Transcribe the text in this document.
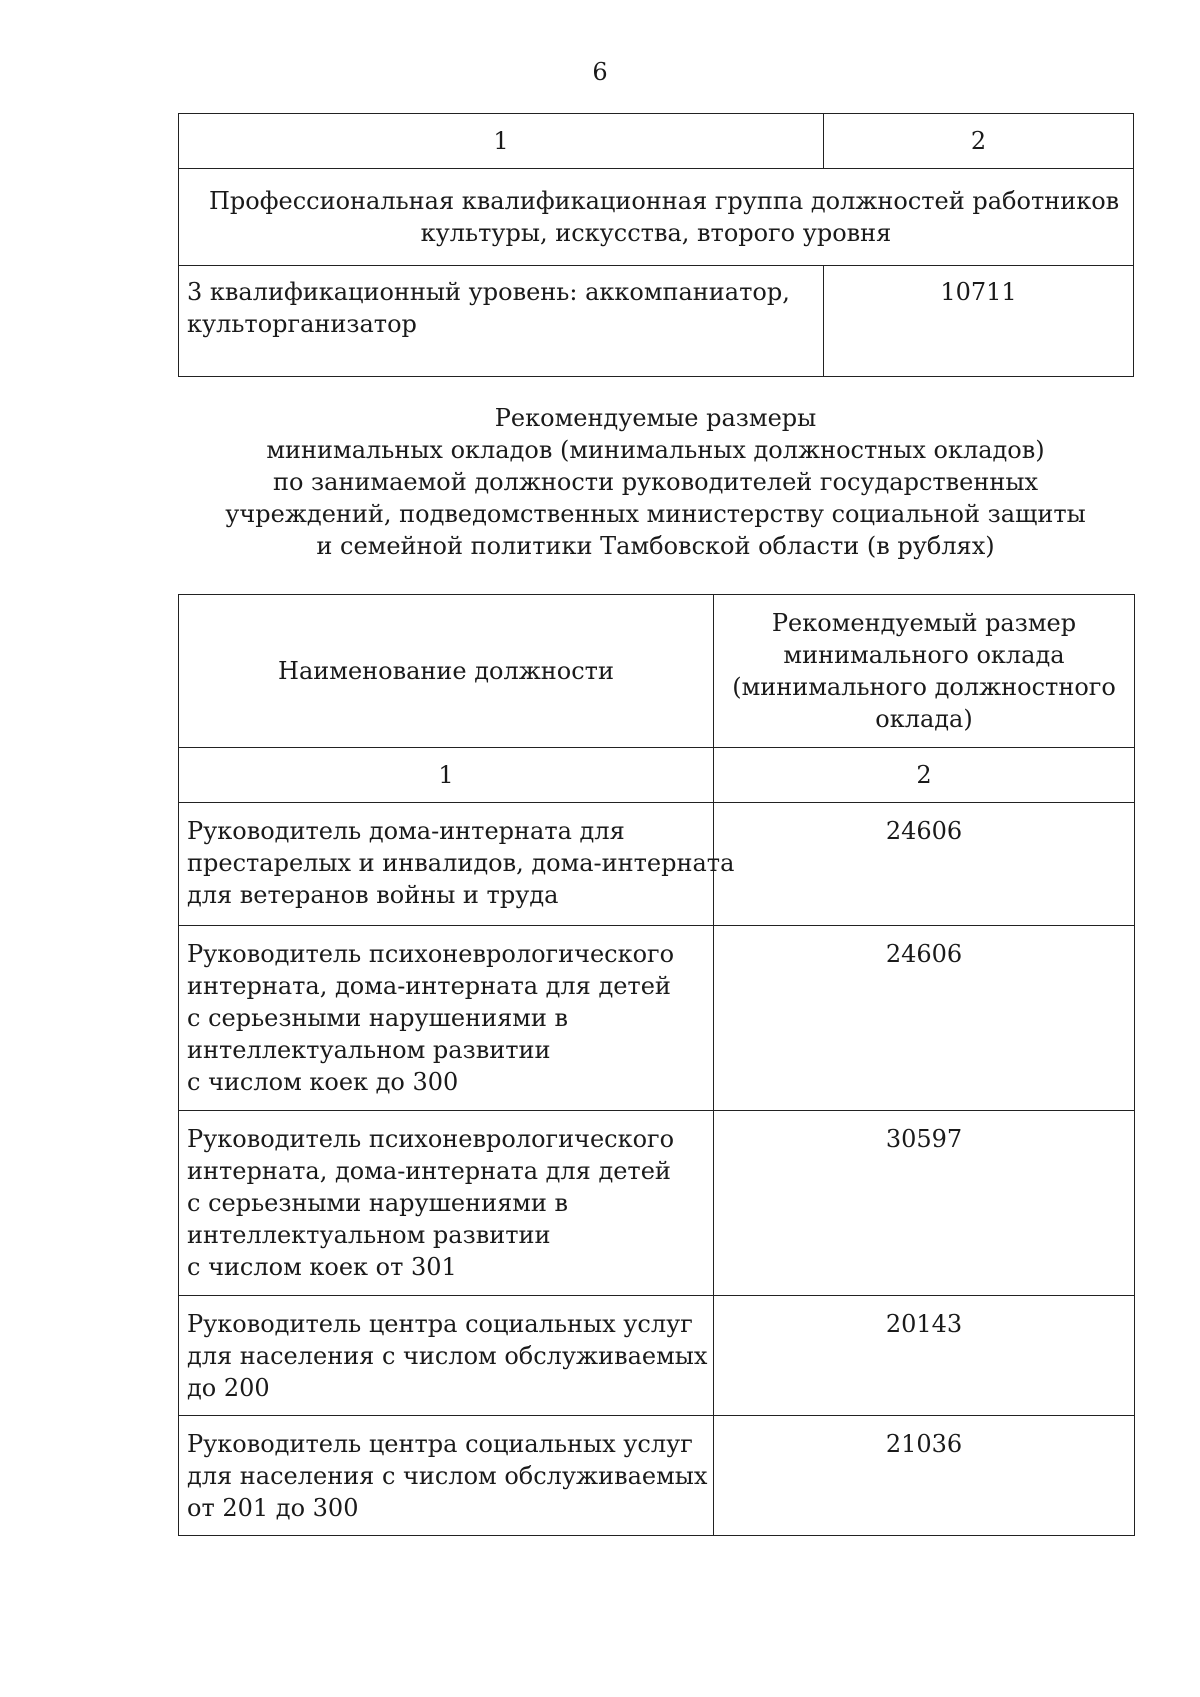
6
1	2

Профессиональная квалификационная группа должностей работников
культуры, искусства, второго уровня	

3 квалификационный уровень: аккомпаниатор,
культорганизатор	10711
Рекомендуемые размеры
минимальных окладов (минимальных должностных окладов)
по занимаемой должности руководителей государственных
учреждений, подведомственных министерству социальной защиты
и семейной политики Тамбовской области (в рублях)
Наименование должности	Рекомендуемый размер
минимального оклада
(минимального должностного
оклада)

1	2

Руководитель дома-интерната для
престарелых и инвалидов, дома-интерната
для ветеранов войны и труда	24606

Руководитель психоневрологического
интерната, дома-интерната для детей
с серьезными нарушениями в
интеллектуальном развитии
с числом коек до 300	24606

Руководитель психоневрологического
интерната, дома-интерната для детей
с серьезными нарушениями в
интеллектуальном развитии
с числом коек от 301	30597

Руководитель центра социальных услуг
для населения с числом обслуживаемых
до 200	20143

Руководитель центра социальных услуг
для населения с числом обслуживаемых
от 201 до 300	21036
